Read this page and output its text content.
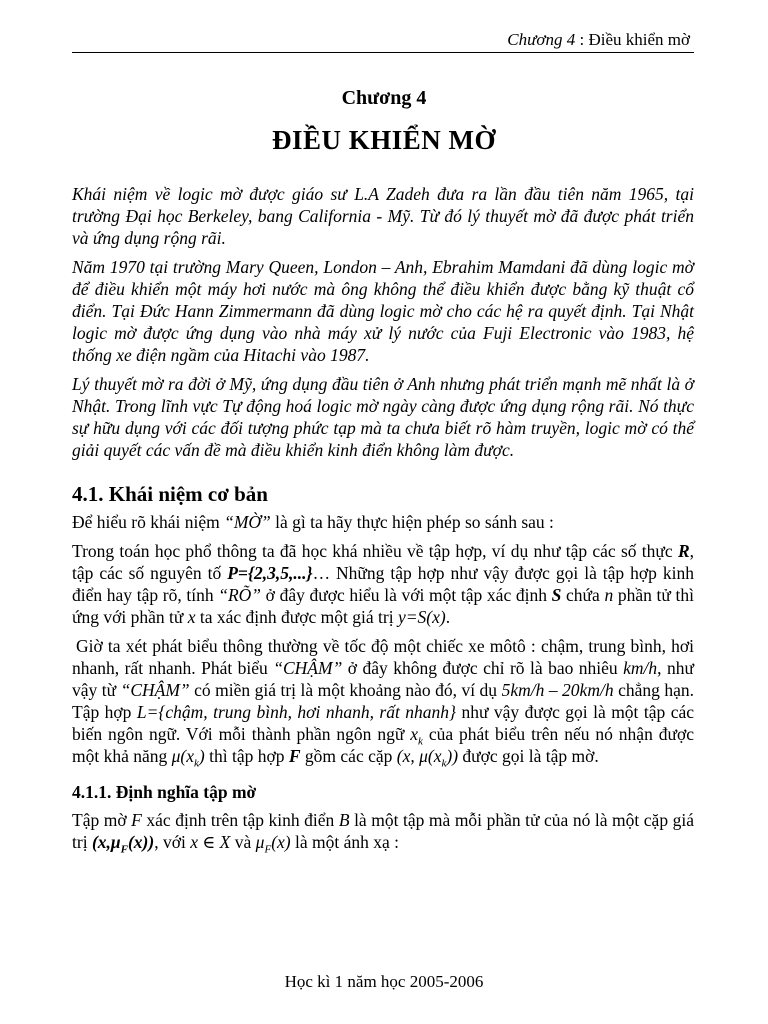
Chương 4 : Điều khiển mờ
Chương 4
ĐIỀU KHIỂN MỜ

Khái niệm về logic mờ được giáo sư L.A Zadeh đưa ra lần đầu tiên năm 1965, tại trường Đại học Berkeley, bang California - Mỹ. Từ đó lý thuyết mờ đã được phát triển và ứng dụng rộng rãi.

Năm 1970 tại trường Mary Queen, London – Anh, Ebrahim Mamdani đã dùng logic mờ để điều khiển một máy hơi nước mà ông không thể điều khiển được bằng kỹ thuật cổ điển. Tại Đức Hann Zimmermann đã dùng logic mờ cho các hệ ra quyết định. Tại Nhật logic mờ được ứng dụng vào nhà máy xử lý nước của Fuji Electronic vào 1983, hệ thống xe điện ngầm của Hitachi vào 1987.

Lý thuyết mờ ra đời ở Mỹ, ứng dụng đầu tiên ở Anh nhưng phát triển mạnh mẽ nhất là ở Nhật. Trong lĩnh vực Tự động hoá logic mờ ngày càng được ứng dụng rộng rãi. Nó thực sự hữu dụng với các đối tượng phức tạp mà ta chưa biết rõ hàm truyền, logic mờ có thể giải quyết các vấn đề mà điều khiển kinh điển không làm được.

4.1. Khái niệm cơ bản

Để hiểu rõ khái niệm “MỜ” là gì ta hãy thực hiện phép so sánh sau :

Trong toán học phổ thông ta đã học khá nhiều về tập hợp, ví dụ như tập các số thực R, tập các số nguyên tố P={2,3,5,...}… Những tập hợp như vậy được gọi là tập hợp kinh điển hay tập rõ, tính “RÕ” ở đây được hiểu là với một tập xác định S chứa n phần tử thì ứng với phần tử x ta xác định được một giá trị y=S(x).

Giờ ta xét phát biểu thông thường về tốc độ một chiếc xe môtô : chậm, trung bình, hơi nhanh, rất nhanh. Phát biểu “CHẬM” ở đây không được chỉ rõ là bao nhiêu km/h, như vậy từ “CHẬM” có miền giá trị là một khoảng nào đó, ví dụ 5km/h – 20km/h chẳng hạn. Tập hợp L={chậm, trung bình, hơi nhanh, rất nhanh} như vậy được gọi là một tập các biến ngôn ngữ. Với mỗi thành phần ngôn ngữ $x_k$ của phát biểu trên nếu nó nhận được một khả năng $\mu(x_k)$ thì tập hợp F gồm các cặp (x, $\mu(x_k)$) được gọi là tập mờ.

4.1.1. Định nghĩa tập mờ

Tập mờ F xác định trên tập kinh điển B là một tập mà mỗi phần tử của nó là một cặp giá trị $(x,\mu_F(x))$, với x ∈ X và $\mu_F(x)$ là một ánh xạ :

Học kì 1 năm học 2005-2006
